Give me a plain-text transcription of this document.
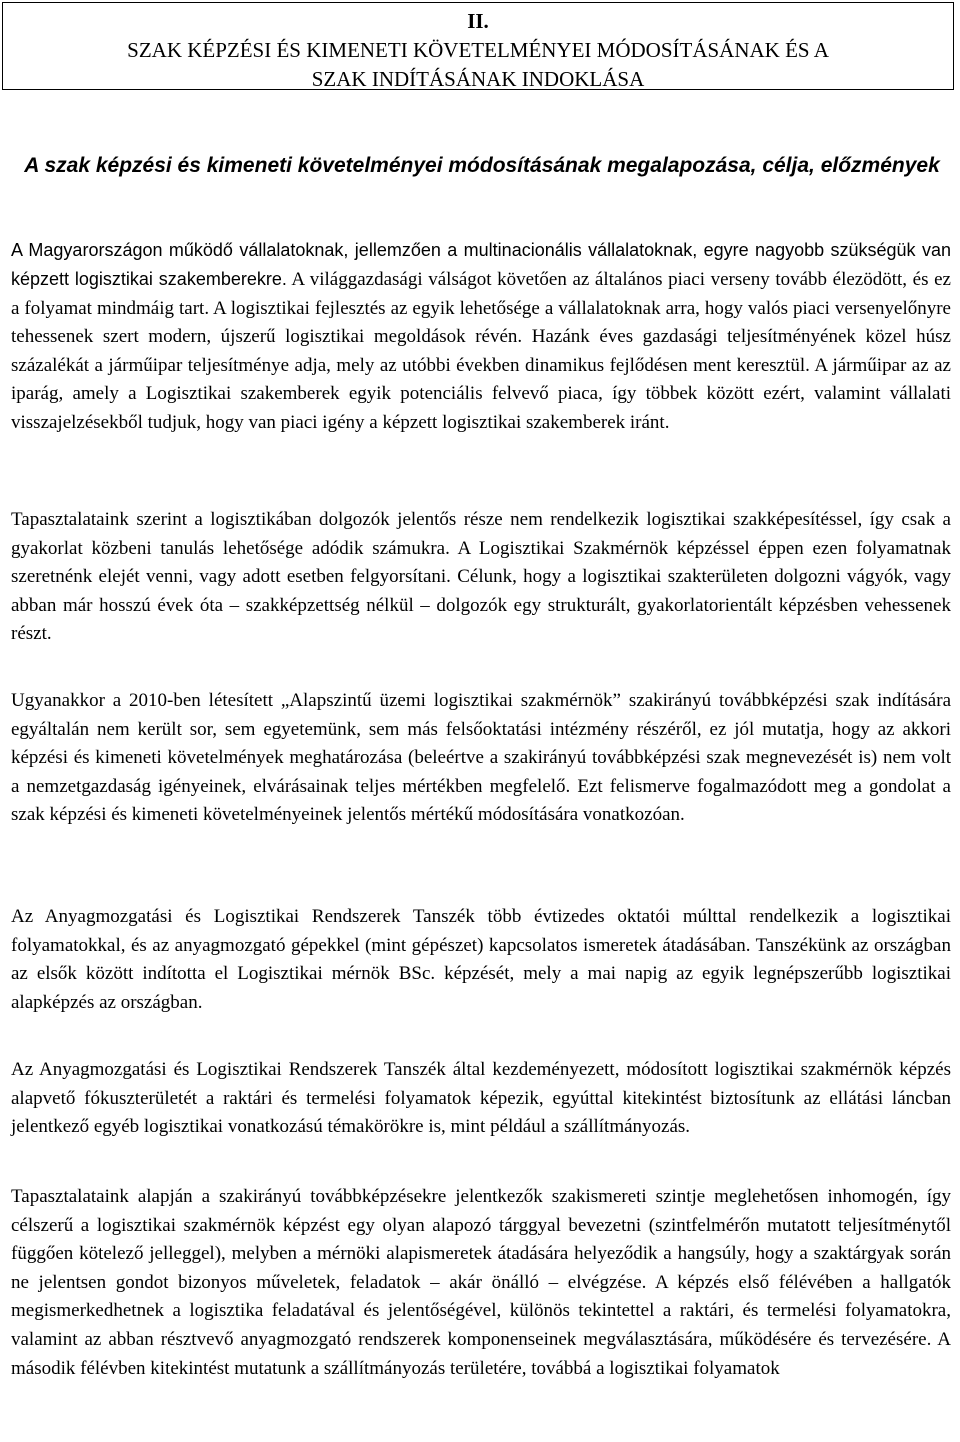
II.
SZAK KÉPZÉSI ÉS KIMENETI KÖVETELMÉNYEI MÓDOSÍTÁSÁNAK ÉS A
SZAK INDÍTÁSÁNAK INDOKLÁSA
A szak képzési és kimeneti követelményei módosításának megalapozása, célja, előzmények

A Magyarországon működő vállalatoknak, jellemzően a multinacionális vállalatoknak, egyre nagyobb szükségük van képzett logisztikai szakemberekre. A világgazdasági válságot követően az általános piaci verseny tovább élezödött, és ez a folyamat mindmáig tart. A logisztikai fejlesztés az egyik lehetősége a vállalatoknak arra, hogy valós piaci versenyelőnyre tehessenek szert modern, újszerű logisztikai megoldások révén. Hazánk éves gazdasági teljesítményének közel húsz százalékát a járműipar teljesítménye adja, mely az utóbbi években dinamikus fejlődésen ment keresztül. A járműipar az az iparág, amely a Logisztikai szakemberek egyik potenciális felvevő piaca, így többek között ezért, valamint vállalati visszajelzésekből tudjuk, hogy van piaci igény a képzett logisztikai szakemberek iránt.

Tapasztalataink szerint a logisztikában dolgozók jelentős része nem rendelkezik logisztikai szakképesítéssel, így csak a gyakorlat közbeni tanulás lehetősége adódik számukra. A Logisztikai Szakmérnök képzéssel éppen ezen folyamatnak szeretnénk elejét venni, vagy adott esetben felgyorsítani. Célunk, hogy a logisztikai szakterületen dolgozni vágyók, vagy abban már hosszú évek óta – szakképzettség nélkül – dolgozók egy strukturált, gyakorlatorientált képzésben vehessenek részt.

Ugyanakkor a 2010-ben létesített „Alapszintű üzemi logisztikai szakmérnök” szakirányú továbbképzési szak indítására egyáltalán nem került sor, sem egyetemünk, sem más felsőoktatási intézmény részéről, ez jól mutatja, hogy az akkori képzési és kimeneti követelmények meghatározása (beleértve a szakirányú továbbképzési szak megnevezését is) nem volt a nemzetgazdaság igényeinek, elvárásainak teljes mértékben megfelelő. Ezt felismerve fogalmazódott meg a gondolat a szak képzési és kimeneti követelményeinek jelentős mértékű módosítására vonatkozóan.

Az Anyagmozgatási és Logisztikai Rendszerek Tanszék több évtizedes oktatói múlttal rendelkezik a logisztikai folyamatokkal, és az anyagmozgató gépekkel (mint gépészet) kapcsolatos ismeretek átadásában. Tanszékünk az országban az elsők között indította el Logisztikai mérnök BSc. képzését, mely a mai napig az egyik legnépszerűbb logisztikai alapképzés az országban.

Az Anyagmozgatási és Logisztikai Rendszerek Tanszék által kezdeményezett, módosított logisztikai szakmérnök képzés alapvető fókuszterületét a raktári és termelési folyamatok képezik, egyúttal kitekintést biztosítunk az ellátási láncban jelentkező egyéb logisztikai vonatkozású témakörökre is, mint például a szállítmányozás.

Tapasztalataink alapján a szakirányú továbbképzésekre jelentkezők szakismereti szintje meglehetősen inhomogén, így célszerű a logisztikai szakmérnök képzést egy olyan alapozó tárggyal bevezetni (szintfelmérőn mutatott teljesítménytől függően kötelező jelleggel), melyben a mérnöki alapismeretek átadására helyeződik a hangsúly, hogy a szaktárgyak során ne jelentsen gondot bizonyos műveletek, feladatok – akár önálló – elvégzése. A képzés első félévében a hallgatók megismerkedhetnek a logisztika feladatával és jelentőségével, különös tekintettel a raktári, és termelési folyamatokra, valamint az abban résztvevő anyagmozgató rendszerek komponenseinek megválasztására, működésére és tervezésére. A második félévben kitekintést mutatunk a szállítmányozás területére, továbbá a logisztikai folyamatok
